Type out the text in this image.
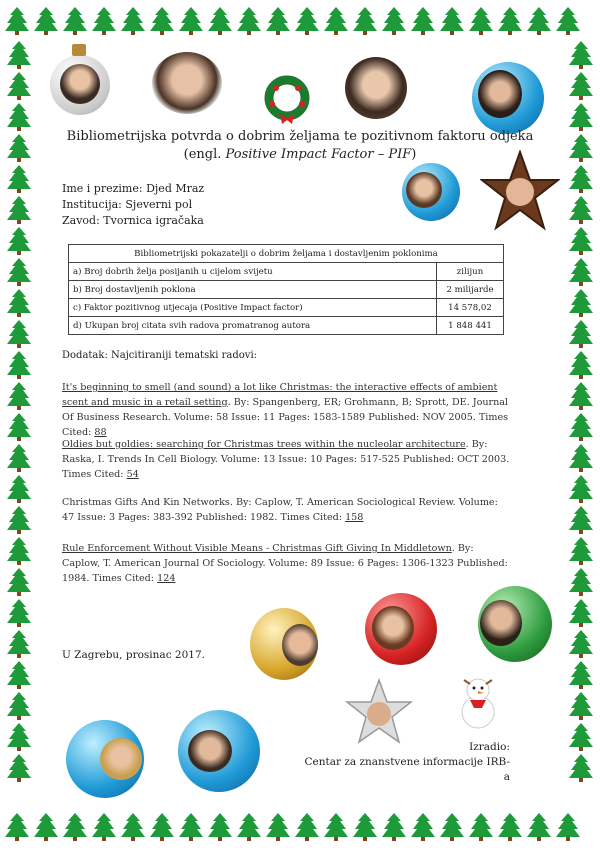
Bibliometrijska potvrda o dobrim željama te pozitivnom faktoru odjeka
(engl. Positive Impact Factor – PIF)
Ime i prezime: Djed Mraz
Institucija: Sjeverni pol
Zavod: Tvornica igračaka
Bibliometrijski pokazatelji o dobrim željama i dostavljenim poklonima	
a) Broj dobrih želja posijanih u cijelom svijetu	zilijun
b) Broj dostavljenih poklona	2 milijarde
c) Faktor pozitivnog utjecaja (Positive Impact factor)	14 578,02
d) Ukupan broj citata svih radova promatranog autora	1 848 441
Dodatak: Najcitiraniji tematski radovi:
It's beginning to smell (and sound) a lot like Christmas: the interactive effects of ambient scent and music in a retail setting. By: Spangenberg, ER; Grohmann, B; Sprott, DE. Journal Of Business Research. Volume: 58 Issue: 11 Pages: 1583-1589 Published: NOV 2005. Times Cited: 88
Oldies but goldies: searching for Christmas trees within the nucleolar architecture. By: Raska, I. Trends In Cell Biology. Volume: 13 Issue: 10 Pages: 517-525 Published: OCT 2003. Times Cited: 54
Christmas Gifts And Kin Networks. By: Caplow, T. American Sociological Review. Volume: 47 Issue: 3 Pages: 383-392 Published: 1982. Times Cited: 158
Rule Enforcement Without Visible Means - Christmas Gift Giving In Middletown. By: Caplow, T. American Journal Of Sociology. Volume: 89 Issue: 6 Pages: 1306-1323 Published: 1984. Times Cited: 124
U Zagrebu, prosinac 2017.
Izradio:
Centar za znanstvene informacije IRB-a
